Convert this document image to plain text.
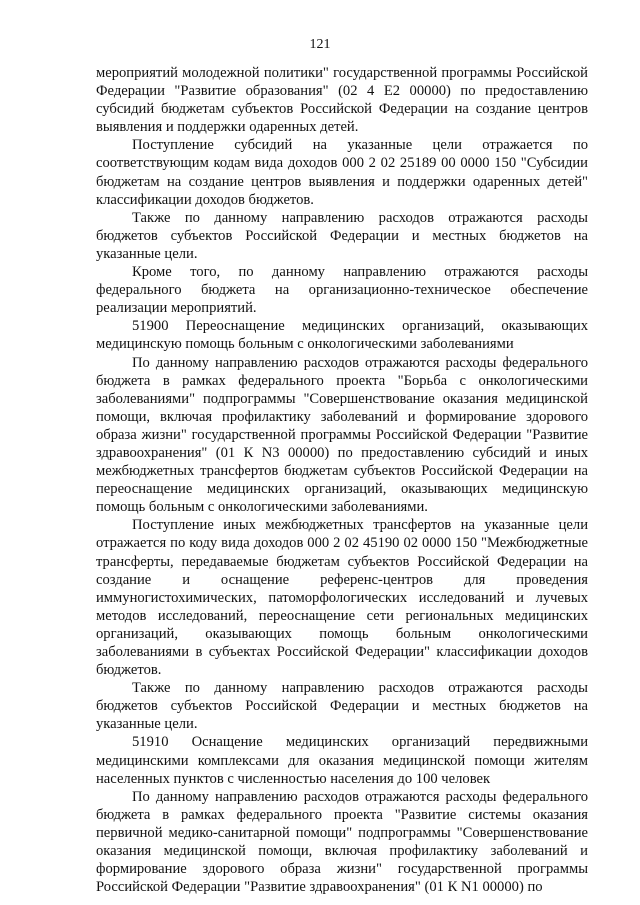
121

мероприятий молодежной политики" государственной программы Российской Федерации "Развитие образования" (02 4 Е2 00000) по предоставлению субсидий бюджетам субъектов Российской Федерации на создание центров выявления и поддержки одаренных детей.

Поступление субсидий на указанные цели отражается по соответствующим кодам вида доходов 000 2 02 25189 00 0000 150 "Субсидии бюджетам на создание центров выявления и поддержки одаренных детей" классификации доходов бюджетов.

Также по данному направлению расходов отражаются расходы бюджетов субъектов Российской Федерации и местных бюджетов на указанные цели.

Кроме того, по данному направлению отражаются расходы федерального бюджета на организационно-техническое обеспечение реализации мероприятий.

51900 Переоснащение медицинских организаций, оказывающих медицинскую помощь больным с онкологическими заболеваниями

По данному направлению расходов отражаются расходы федерального бюджета в рамках федерального проекта "Борьба с онкологическими заболеваниями" подпрограммы "Совершенствование оказания медицинской помощи, включая профилактику заболеваний и формирование здорового образа жизни" государственной программы Российской Федерации "Развитие здравоохранения" (01 К N3 00000) по предоставлению субсидий и иных межбюджетных трансфертов бюджетам субъектов Российской Федерации на переоснащение медицинских организаций, оказывающих медицинскую помощь больным с онкологическими заболеваниями.

Поступление иных межбюджетных трансфертов на указанные цели отражается по коду вида доходов 000 2 02 45190 02 0000 150 "Межбюджетные трансферты, передаваемые бюджетам субъектов Российской Федерации на создание и оснащение референс-центров для проведения иммуногистохимических, патоморфологических исследований и лучевых методов исследований, переоснащение сети региональных медицинских организаций, оказывающих помощь больным онкологическими заболеваниями в субъектах Российской Федерации" классификации доходов бюджетов.

Также по данному направлению расходов отражаются расходы бюджетов субъектов Российской Федерации и местных бюджетов на указанные цели.

51910 Оснащение медицинских организаций передвижными медицинскими комплексами для оказания медицинской помощи жителям населенных пунктов с численностью населения до 100 человек

По данному направлению расходов отражаются расходы федерального бюджета в рамках федерального проекта "Развитие системы оказания первичной медико-санитарной помощи" подпрограммы "Совершенствование оказания медицинской помощи, включая профилактику заболеваний и формирование здорового образа жизни" государственной программы Российской Федерации "Развитие здравоохранения" (01 К N1 00000) по
